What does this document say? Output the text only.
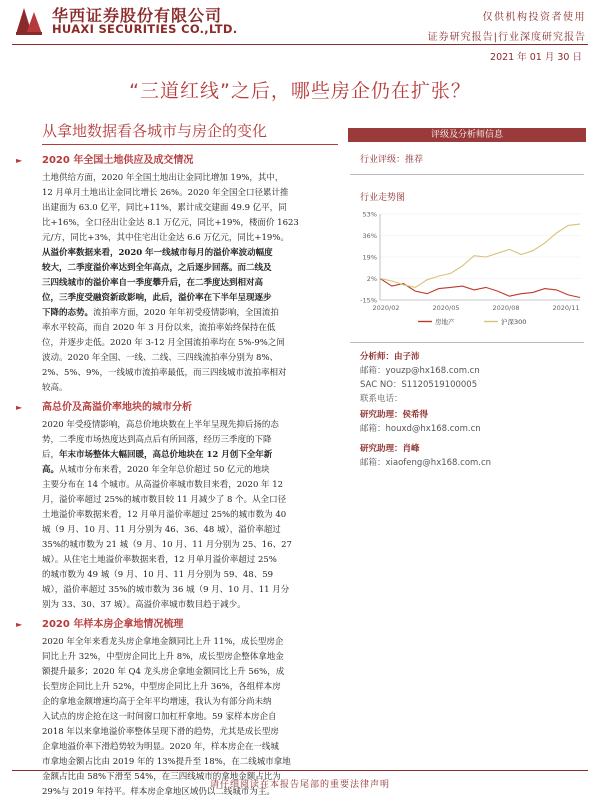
华西证券股份有限公司
HUAXI SECURITIES CO.,LTD.
仅供机构投资者使用
证券研究报告|行业深度研究报告
2021 年 01 月 30 日
“三道红线”之后，哪些房企仍在扩张？
从拿地数据看各城市与房企的变化
►	2020 年全国土地供应及成交情况
土地供给方面，2020 年全国土地出让金同比增加 19%，其中，
12 月单月土地出让金同比增长 26%。2020 年全国全口径累计推
出建面为 63.0 亿平，同比+11%，累计成交建面 49.9 亿平，同
比+16%，全口径出让金达 8.1 万亿元，同比+19%，楼面价 1623
元/方，同比+3%，其中住宅出让金达 6.6 万亿元，同比+19%。
从溢价率数据来看，2020 年一线城市每月的溢价率波动幅度
较大，二季度溢价率达到全年高点，之后逐步回落。而二线及
三四线城市的溢价率自一季度攀升后，在二季度达到相对高
位，三季度受融资新政影响，此后，溢价率在下半年呈现逐步
下降的态势。流拍率方面，2020 年年初受疫情影响，全国流拍
率水平较高，而自 2020 年 3 月份以来，流拍率始终保持在低
位，并逐步走低。2020 年 3-12 月全国流拍率均在 5%-9%之间
波动。2020 年全国、一线、二线、三四线流拍率分别为 8%、
2%、5%、9%，一线城市流拍率最低，而三四线城市流拍率相对
较高。
►	高总价及高溢价率地块的城市分析
2020 年受疫情影响，高总价地块数在上半年呈现先抑后扬的态
势，二季度市场热度达到高点后有所回落，经历三季度的下降
后，年末市场整体大幅回暖，高总价地块在 12 月创下全年新
高。从城市分布来看，2020 年全年总价超过 50 亿元的地块
主要分布在 14 个城市。从高溢价率城市数目来看，2020 年 12
月，溢价率超过 25%的城市数目较 11 月减少了 8 个。从全口径
土地溢价率数据来看，12 月单月溢价率超过 25%的城市数为 40
城（9 月、10 月、11 月分别为 46、36、48 城），溢价率超过
35%的城市数为 21 城（9 月、10 月、11 月分别为 25、16、27
城）。从住宅土地溢价率数据来看，12 月单月溢价率超过 25%
的城市数为 49 城（9 月、10 月、11 月分别为 59、48、59
城），溢价率超过 35%的城市数为 36 城（9 月、10 月、11 月分
别为 33、30、37 城）。高溢价率城市数目趋于减少。
►	2020 年样本房企拿地情况梳理
2020 年全年来看龙头房企拿地金额同比上升 11%，成长型房企
同比上升 32%，中型房企同比上升 8%，成长型房企整体拿地金
额提升最多；2020 年 Q4 龙头房企拿地金额同比上升 56%，成
长型房企同比上升 52%，中型房企同比上升 36%，各组样本房
企的拿地金额增速均高于全年平均增速，我认为有部分尚未纳
入试点的房企抢在这一时间窗口加杠杆拿地。59 家样本房企自
2018 年以来拿地溢价率整体呈现下滑的趋势，尤其是成长型房
企拿地溢价率下滑趋势较为明显。2020 年，样本房企在一线城
市拿地金额占比由 2019 年的 13%提升至 18%，在二线城市拿地
金额占比由 58%下滑至 54%，在三四线城市的拿地金额占比为
29%与 2019 年持平。样本房企拿地区域仍以二线城市为主。
评级及分析师信息
行业评级：推荐
行业走势图
53%
36%
19%
2%
-15%
2020/02	2020/05	2020/08	2020/11
房地产	沪深300
分析师：由子沛
邮箱：youzp@hx168.com.cn
SAC NO：S1120519100005
联系电话：
研究助理：侯希得
邮箱：houxd@hx168.com.cn
研究助理：肖峰
邮箱：xiaofeng@hx168.com.cn
请仔细阅读在本报告尾部的重要法律声明
